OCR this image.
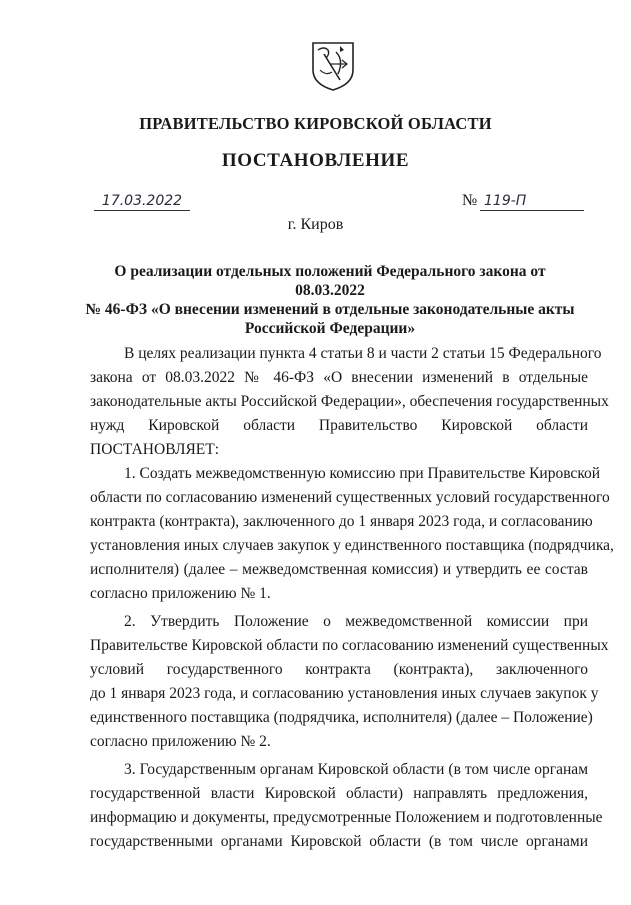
ПРАВИТЕЛЬСТВО КИРОВСКОЙ ОБЛАСТИ
ПОСТАНОВЛЕНИЕ
17.03.2022	№ 119-П
г. Киров
О реализации отдельных положений Федерального закона от 08.03.2022
№ 46-ФЗ «О внесении изменений в отдельные законодательные акты
Российской Федерации»
В целях реализации пункта 4 статьи 8 и части 2 статьи 15 Федерального
закона от 08.03.2022 № 46-ФЗ «О внесении изменений в отдельные
законодательные акты Российской Федерации», обеспечения государственных
нужд Кировской области Правительство Кировской области
ПОСТАНОВЛЯЕТ:
1. Создать межведомственную комиссию при Правительстве Кировской
области по согласованию изменений существенных условий государственного
контракта (контракта), заключенного до 1 января 2023 года, и согласованию
установления иных случаев закупок у единственного поставщика (подрядчика,
исполнителя) (далее – межведомственная комиссия) и утвердить ее состав
согласно приложению № 1.
2. Утвердить Положение о межведомственной комиссии при
Правительстве Кировской области по согласованию изменений существенных
условий государственного контракта (контракта), заключенного
до 1 января 2023 года, и согласованию установления иных случаев закупок у
единственного поставщика (подрядчика, исполнителя) (далее – Положение)
согласно приложению № 2.
3. Государственным органам Кировской области (в том числе органам
государственной власти Кировской области) направлять предложения,
информацию и документы, предусмотренные Положением и подготовленные
государственными органами Кировской области (в том числе органами
